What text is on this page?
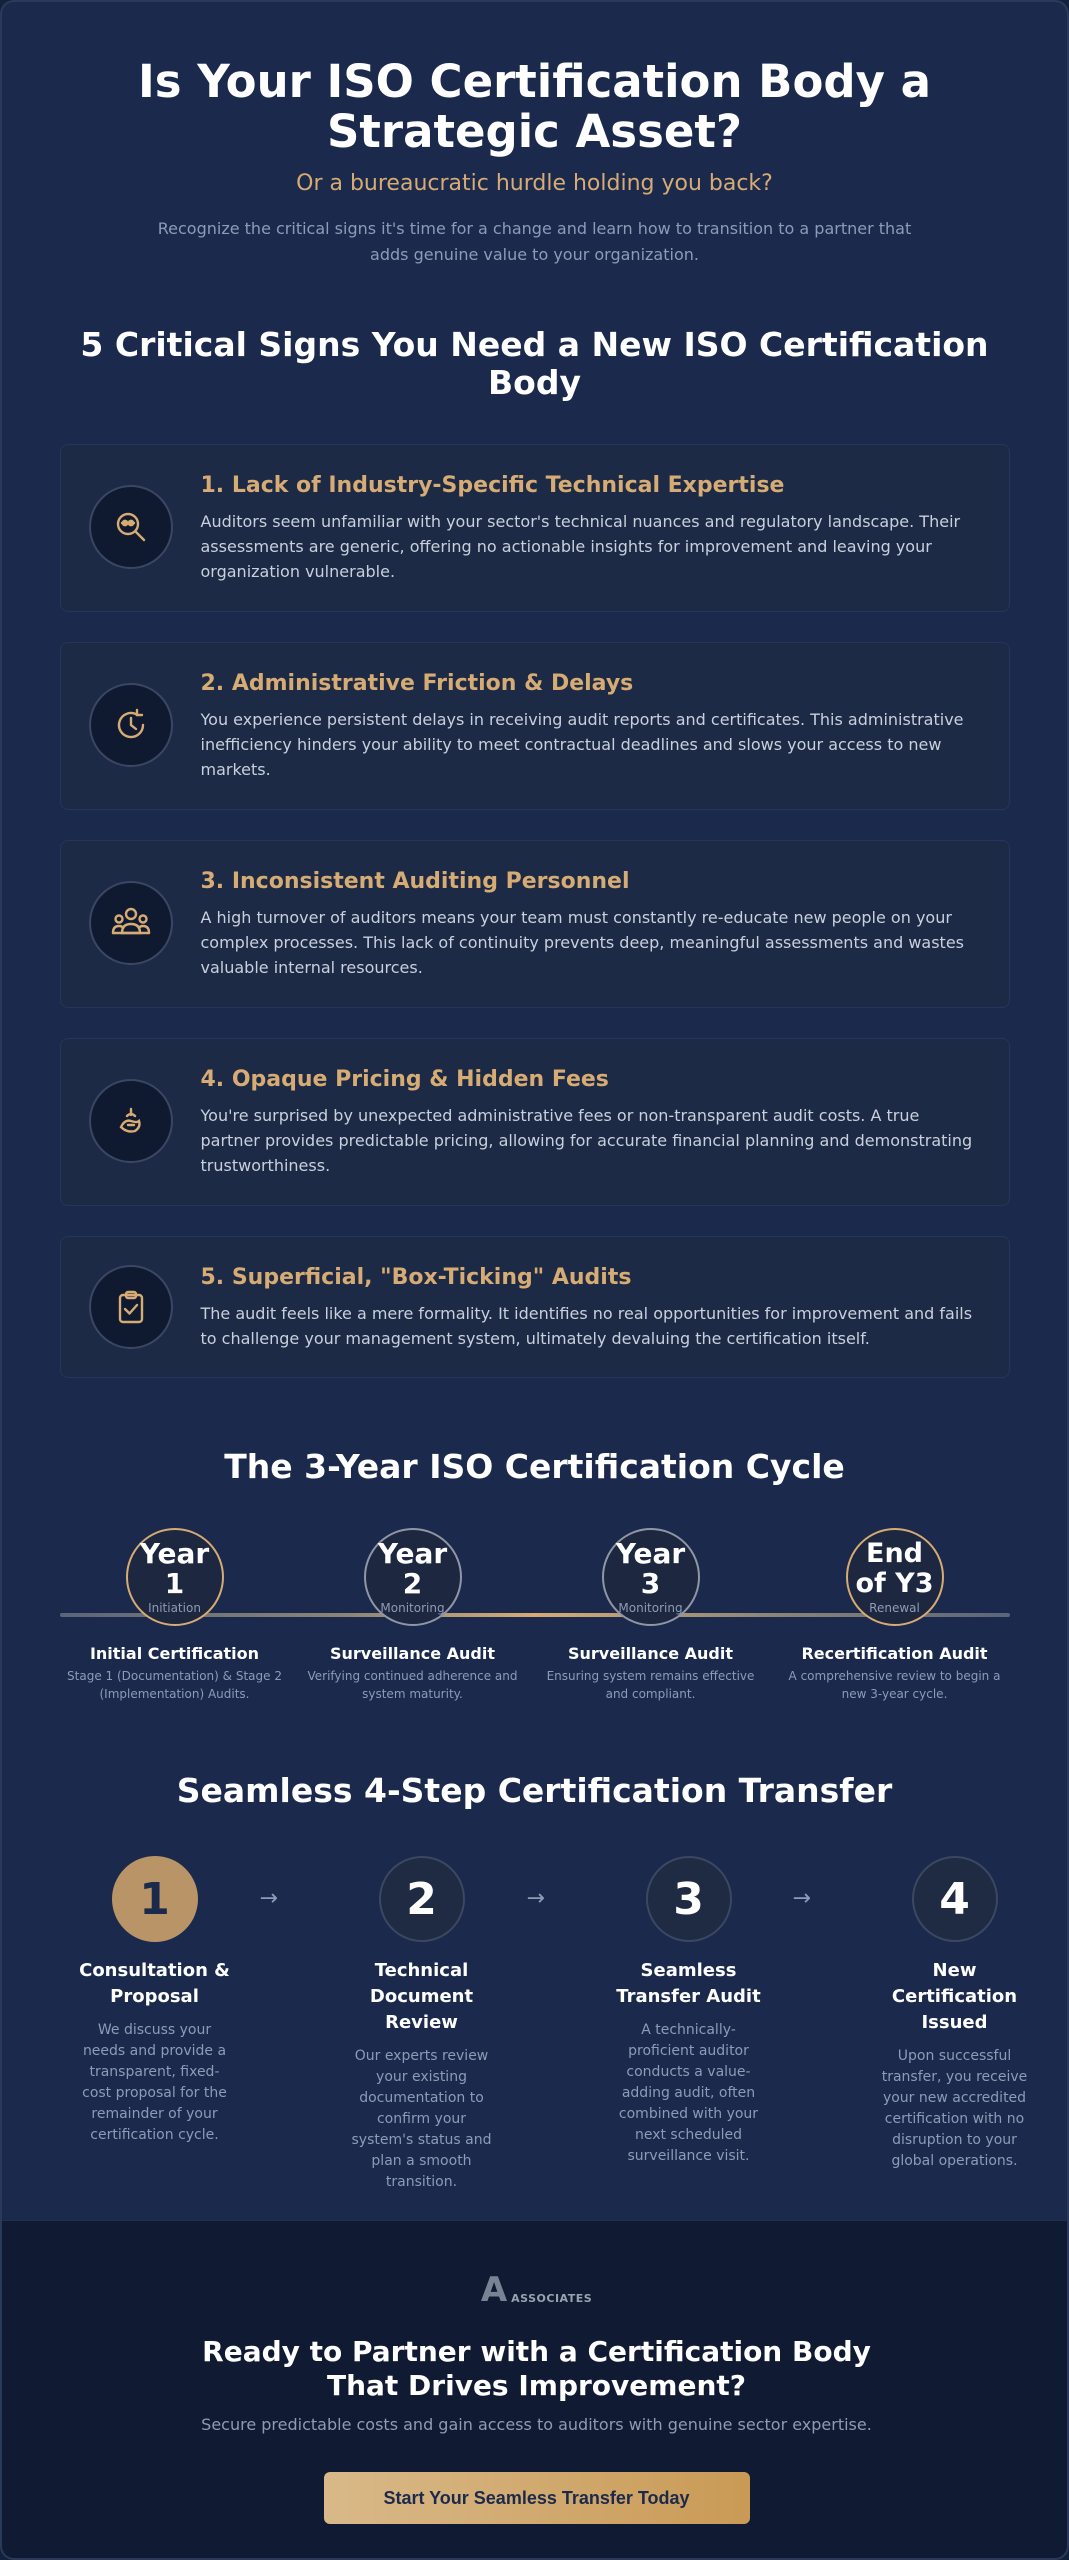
Is Your ISO Certification Body a Strategic Asset?
Or a bureaucratic hurdle holding you back?

Recognize the critical signs it's time for a change and learn how to transition to a partner that adds genuine value to your organization.

5 Critical Signs You Need a New ISO Certification Body
1. Lack of Industry-Specific Technical Expertise
Auditors seem unfamiliar with your sector's technical nuances and regulatory landscape. Their assessments are generic, offering no actionable insights for improvement and leaving your organization vulnerable.
2. Administrative Friction & Delays
You experience persistent delays in receiving audit reports and certificates. This administrative inefficiency hinders your ability to meet contractual deadlines and slows your access to new markets.
3. Inconsistent Auditing Personnel
A high turnover of auditors means your team must constantly re-educate new people on your complex processes. This lack of continuity prevents deep, meaningful assessments and wastes valuable internal resources.
4. Opaque Pricing & Hidden Fees
You're surprised by unexpected administrative fees or non-transparent audit costs. A true partner provides predictable pricing, allowing for accurate financial planning and demonstrating trustworthiness.
5. Superficial, "Box-Ticking" Audits
The audit feels like a mere formality. It identifies no real opportunities for improvement and fails to challenge your management system, ultimately devaluing the certification itself.
The 3-Year ISO Certification Cycle
Year 1
Initiation
Initial Certification
Stage 1 (Documentation) & Stage 2 (Implementation) Audits.
Year 2
Monitoring
Surveillance Audit
Verifying continued adherence and system maturity.
Year 3
Monitoring
Surveillance Audit
Ensuring system remains effective and compliant.
End of Y3
Renewal
Recertification Audit
A comprehensive review to begin a new 3-year cycle.
Seamless 4-Step Certification Transfer
1
Consultation & Proposal
We discuss your needs and provide a transparent, fixed-cost proposal for the remainder of your certification cycle.
→	2
Technical Document Review
Our experts review your existing documentation to confirm your system's status and plan a smooth transition.
→	3
Seamless Transfer Audit
A technically-proficient auditor conducts a value-adding audit, often combined with your next scheduled surveillance visit.
→	4
New Certification Issued
Upon successful transfer, you receive your new accredited certification with no disruption to your global operations.
A ASSOCIATES
Ready to Partner with a Certification Body That Drives Improvement?

Secure predictable costs and gain access to auditors with genuine sector expertise.

Start Your Seamless Transfer Today
